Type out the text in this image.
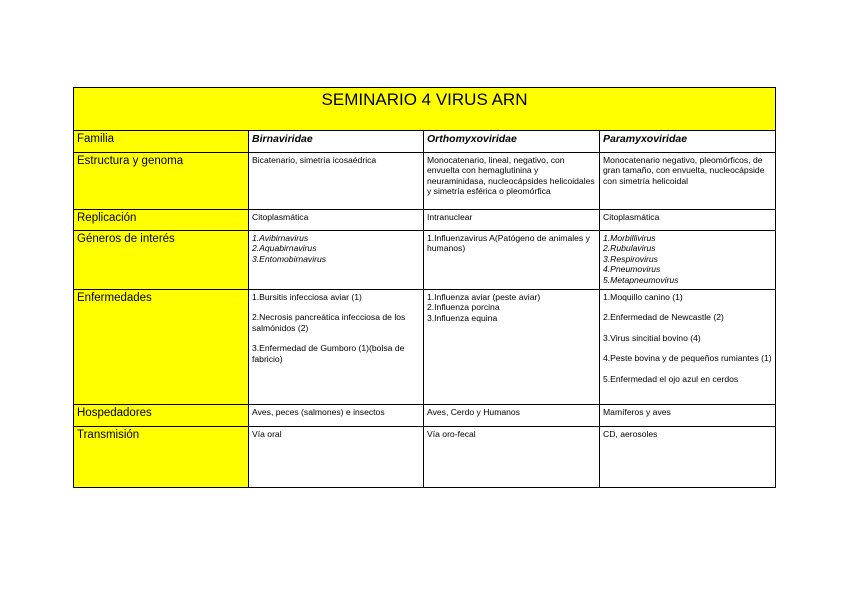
SEMINARIO 4 VIRUS ARN			
Familia	Birnaviridae	Orthomyxoviridae	Paramyxoviridae
Estructura y genoma	Bicatenario, simetría icosaédrica	Monocatenario, lineal, negativo, con envuelta con hemaglutinina y neuraminidasa, nucleocápsides helicoidales y simetría esférica o pleomórfica	Monocatenario negativo, pleomórficos, de gran tamaño, con envuelta, nucleocápside con simetría helicoidal
Replicación	Citoplasmática	Intranuclear	Citoplasmática
Géneros de interés	1.Avibirnavirus
2.Aquabirnavirus
3.Entomobirnavirus	1.Influenzavirus A(Patógeno de animales y humanos)	1.Morbillivirus
2.Rubulavirus
3.Respirovirus
4.Pneumovirus
5.Metapneumovirus

Enfermedades	1.Bursitis infecciosa aviar (1)
2.Necrosis pancreática infecciosa de los salmónidos (2)
3.Enfermedad de Gumboro (1)(bolsa de fabricio)	1.Influenza aviar (peste aviar)
2.Influenza porcina
3.Influenza equina	1.Moquillo canino (1)
2.Enfermedad de Newcastle (2)
3.Virus sincitial bovino (4)
4.Peste bovina y de pequeños rumiantes (1)
5.Enfermedad el ojo azul en cerdos

Hospedadores	Aves, peces (salmones) e insectos	Aves, Cerdo y Humanos	Mamíferos y aves
Transmisión	Vía oral	Vía oro-fecal	CD, aerosoles
